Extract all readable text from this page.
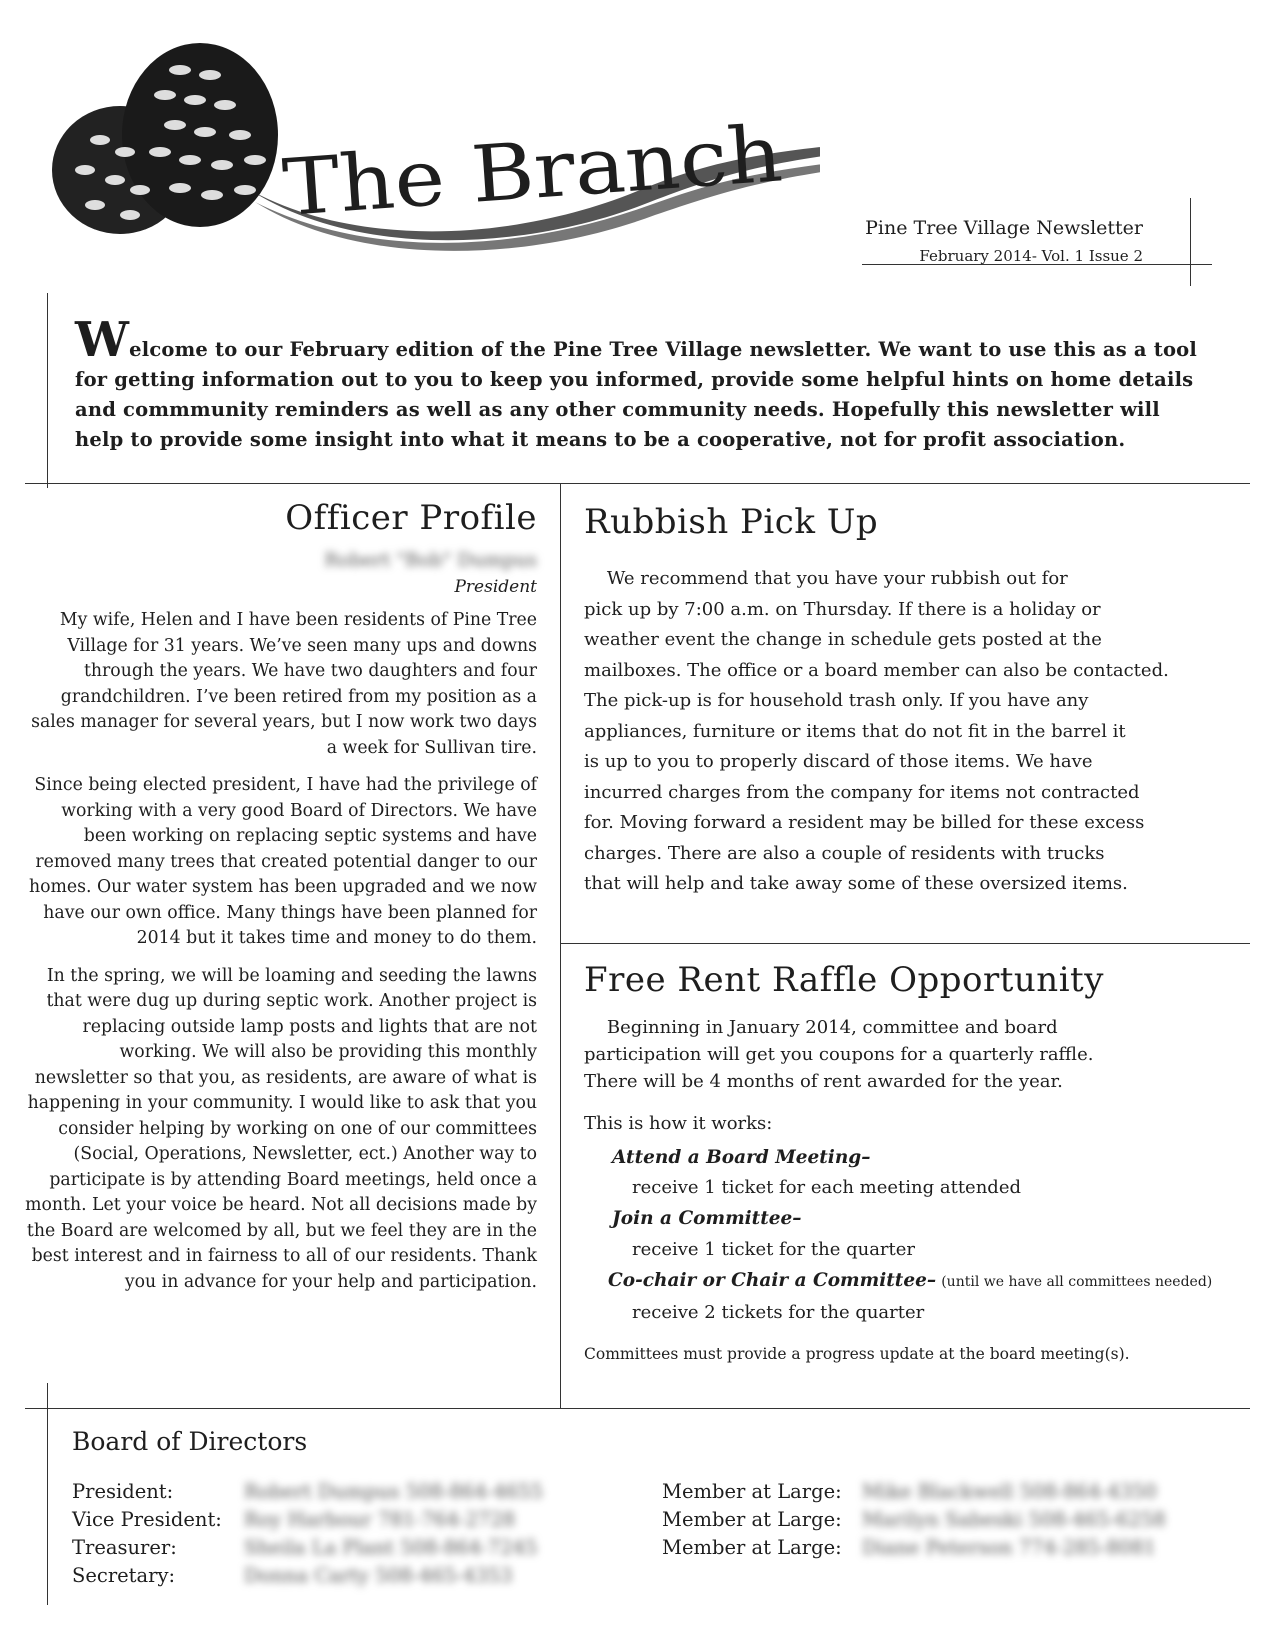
The Branch	Pine Tree Village Newsletter
February 2014- Vol. 1 Issue 2
Welcome to our February edition of the Pine Tree Village newsletter. We want to use this as a tool for getting information out to you to keep you informed, provide some helpful hints on home details and commmunity reminders as well as any other community needs. Hopefully this newsletter will help to provide some insight into what it means to be a cooperative, not for profit association.
Officer Profile
Robert "Bob" Dumpus
President

My wife, Helen and I have been residents of Pine Tree Village for 31 years. We’ve seen many ups and downs through the years. We have two daughters and four grandchildren. I’ve been retired from my position as a sales manager for several years, but I now work two days a week for Sullivan tire.

Since being elected president, I have had the privilege of working with a very good Board of Directors. We have been working on replacing septic systems and have removed many trees that created potential danger to our homes. Our water system has been upgraded and we now have our own office. Many things have been planned for 2014 but it takes time and money to do them.

In the spring, we will be loaming and seeding the lawns that were dug up during septic work. Another project is replacing outside lamp posts and lights that are not working. We will also be providing this monthly newsletter so that you, as residents, are aware of what is happening in your community. I would like to ask that you consider helping by working on one of our committees (Social, Operations, Newsletter, ect.) Another way to participate is by attending Board meetings, held once a month. Let your voice be heard. Not all decisions made by the Board are welcomed by all, but we feel they are in the best interest and in fairness to all of our residents. Thank you in advance for your help and participation.

Rubbish Pick Up

We recommend that you have your rubbish out for

pick up by 7:00 a.m. on Thursday. If there is a holiday or

weather event the change in schedule gets posted at the

mailboxes. The office or a board member can also be contacted.

The pick-up is for household trash only. If you have any

appliances, furniture or items that do not fit in the barrel it

is up to you to properly discard of those items. We have

incurred charges from the company for items not contracted

for. Moving forward a resident may be billed for these excess

charges. There are also a couple of residents with trucks

that will help and take away some of these oversized items.

Free Rent Raffle Opportunity

Beginning in January 2014, committee and board

participation will get you coupons for a quarterly raffle.

There will be 4 months of rent awarded for the year.

This is how it works:

Attend a Board Meeting–
receive 1 ticket for each meeting attended
Join a Committee–
receive 1 ticket for the quarter
Co-chair or Chair a Committee– (until we have all committees needed)
receive 2 tickets for the quarter

Committees must provide a progress update at the board meeting(s).

Board of Directors
President:	Robert Dumpus 508-864-4655
Vice President: Roy Harbour 781-764-2728
Treasurer:	Sheila La Plant 508-864-7245
Secretary:	Donna Carty 508-465-4353
Member at Large: Mike Blackwell 508-864-4350
Member at Large: Marilyn Sabeski 508-465-6258
Member at Large: Diane Peterson 774-285-8081
